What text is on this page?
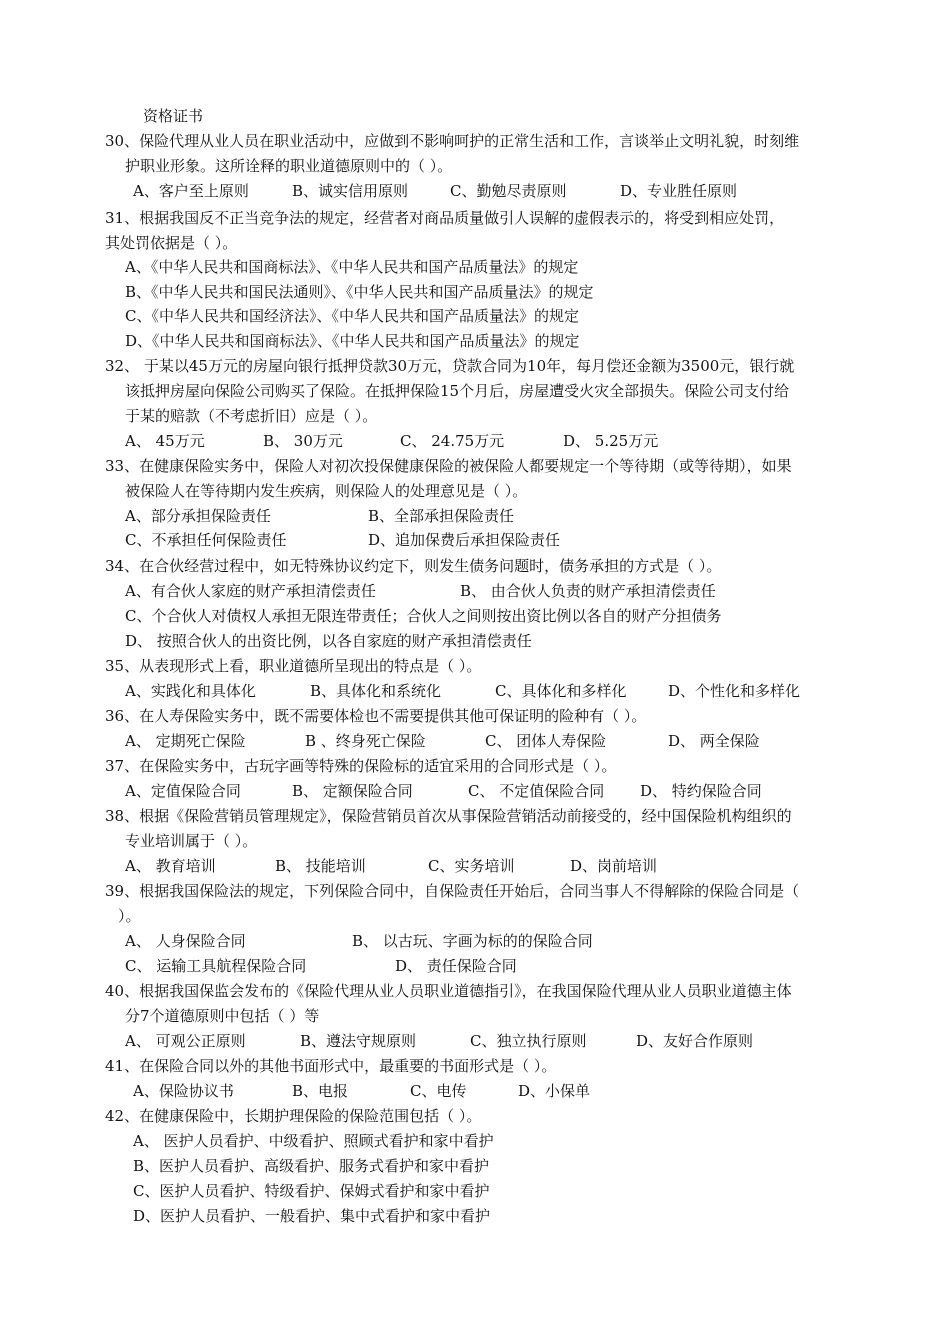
资格证书
30、保险代理从业人员在职业活动中，应做到不影响呵护的正常生活和工作，言谈举止文明礼貌，时刻维
护职业形象。这所诠释的职业道德原则中的（ ）。
A、客户至上原则	B、诚实信用原则	C、勤勉尽责原则	D、专业胜任原则
31、根据我国反不正当竞争法的规定，经营者对商品质量做引人误解的虚假表示的，将受到相应处罚，
其处罚依据是（ ）。
A、《中华人民共和国商标法》、《中华人民共和国产品质量法》的规定
B、《中华人民共和国民法通则》、《中华人民共和国产品质量法》的规定
C、《中华人民共和国经济法》、《中华人民共和国产品质量法》的规定
D、《中华人民共和国商标法》、《中华人民共和国产品质量法》的规定
32、 于某以45万元的房屋向银行抵押贷款30万元，贷款合同为10年，每月偿还金额为3500元，银行就
该抵押房屋向保险公司购买了保险。在抵押保险15个月后，房屋遭受火灾全部损失。保险公司支付给
于某的赔款（不考虑折旧）应是（ ）。
A、 45万元	B、 30万元	C、 24.75万元	D、 5.25万元
33、在健康保险实务中，保险人对初次投保健康保险的被保险人都要规定一个等待期（或等待期），如果
被保险人在等待期内发生疾病，则保险人的处理意见是（ ）。
A、部分承担保险责任	B、全部承担保险责任
C、不承担任何保险责任	D、追加保费后承担保险责任
34、在合伙经营过程中，如无特殊协议约定下，则发生债务问题时，债务承担的方式是（ ）。
A、有合伙人家庭的财产承担清偿责任	B、 由合伙人负责的财产承担清偿责任
C、个合伙人对债权人承担无限连带责任；合伙人之间则按出资比例以各自的财产分担债务
D、 按照合伙人的出资比例，以各自家庭的财产承担清偿责任
35、从表现形式上看，职业道德所呈现出的特点是（ ）。
A、实践化和具体化	B、具体化和系统化	C、具体化和多样化	D、个性化和多样化
36、在人寿保险实务中，既不需要体检也不需要提供其他可保证明的险种有（ ）。
A、 定期死亡保险	B 、终身死亡保险	C、 团体人寿保险	D、 两全保险
37、在保险实务中，古玩字画等特殊的保险标的适宜采用的合同形式是（ ）。
A、定值保险合同	B、 定额保险合同	C、 不定值保险合同 D、 特约保险合同
38、根据《保险营销员管理规定》，保险营销员首次从事保险营销活动前接受的，经中国保险机构组织的
专业培训属于（ ）。
A、 教育培训	B、 技能培训	C、实务培训	D、岗前培训
39、根据我国保险法的规定，下列保险合同中，自保险责任开始后，合同当事人不得解除的保险合同是（
）。
A、 人身保险合同	B、 以古玩、字画为标的的保险合同
C、 运输工具航程保险合同	D、 责任保险合同
40、根据我国保监会发布的《保险代理从业人员职业道德指引》，在我国保险代理从业人员职业道德主体
分7个道德原则中包括（ ）等
A、 可观公正原则	B、遵法守规原则	C、独立执行原则	D、友好合作原则
41、在保险合同以外的其他书面形式中，最重要的书面形式是（ ）。
A、保险协议书	B、电报	C、电传	D、小保单
42、在健康保险中，长期护理保险的保险范围包括（ ）。
A、 医护人员看护、中级看护、照顾式看护和家中看护
B、医护人员看护、高级看护、服务式看护和家中看护
C、医护人员看护、特级看护、保姆式看护和家中看护
D、医护人员看护、一般看护、集中式看护和家中看护
